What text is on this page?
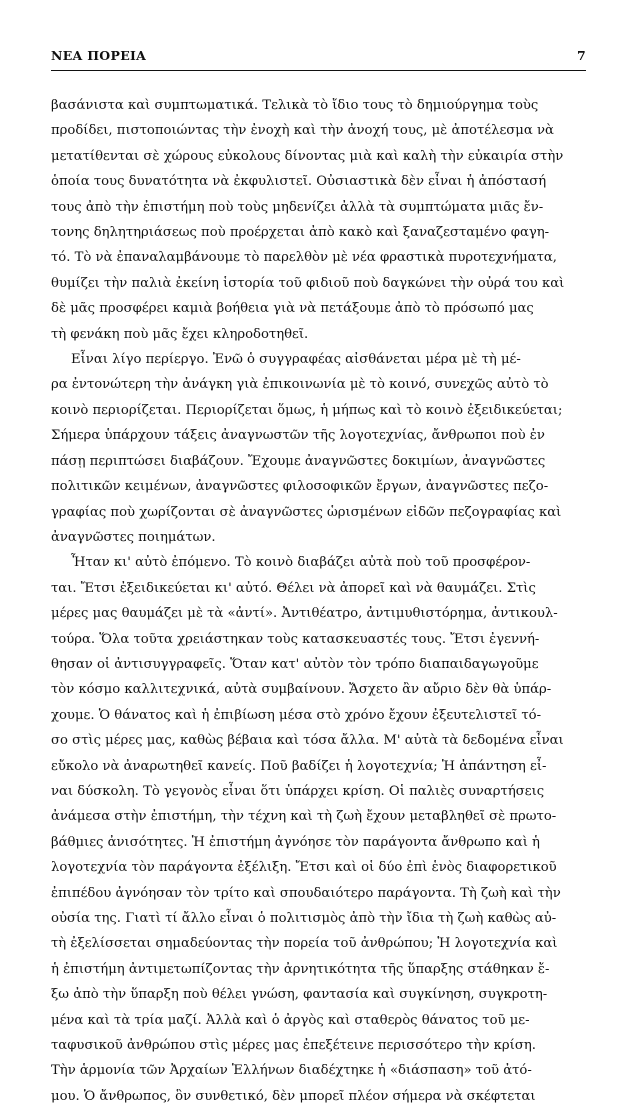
ΝΕΑ ΠΟΡΕΙΑ	7
βασάνιστα καὶ συμπτωματικά. Τελικὰ τὸ ἴδιο τους τὸ δημιούργημα τοὺς
προδίδει, πιστοποιώντας τὴν ἐνοχὴ καὶ τὴν ἀνοχή τους, μὲ ἀποτέλεσμα νὰ
μετατίθενται σὲ χώρους εὐκολους δίνοντας μιὰ καὶ καλὴ τὴν εὐκαιρία στὴν
ὁποία τους δυνατότητα νὰ ἐκφυλιστεῖ. Οὐσιαστικὰ δὲν εἶναι ἡ ἀπόστασή
τους ἀπὸ τὴν ἐπιστήμη ποὺ τοὺς μηδενίζει ἀλλὰ τὰ συμπτώματα μιᾶς ἔν-
τονης δηλητηριάσεως ποὺ προέρχεται ἀπὸ κακὸ καὶ ξαναζεσταμένο φαγη-
τό. Τὸ νὰ ἐπαναλαμβάνουμε τὸ παρελθὸν μὲ νέα φραστικὰ πυροτεχνήματα,
θυμίζει τὴν παλιὰ ἐκείνη ἱστορία τοῦ φιδιοῦ ποὺ δαγκώνει τὴν οὐρά του καὶ
δὲ μᾶς προσφέρει καμιὰ βοήθεια γιὰ νὰ πετάξουμε ἀπὸ τὸ πρόσωπό μας
τὴ φενάκη ποὺ μᾶς ἔχει κληροδοτηθεῖ.
Εἶναι λίγο περίεργο. Ἐνῶ ὁ συγγραφέας αἰσθάνεται μέρα μὲ τὴ μέ-
ρα ἐντονώτερη τὴν ἀνάγκη γιὰ ἐπικοινωνία μὲ τὸ κοινό, συνεχῶς αὐτὸ τὸ
κοινὸ περιορίζεται. Περιορίζεται ὅμως, ἡ μήπως καὶ τὸ κοινὸ ἐξειδικεύεται;
Σήμερα ὑπάρχουν τάξεις ἀναγνωστῶν τῆς λογοτεχνίας, ἄνθρωποι ποὺ ἐν
πάσῃ περιπτώσει διαβάζουν. Ἔχουμε ἀναγνῶστες δοκιμίων, ἀναγνῶστες
πολιτικῶν κειμένων, ἀναγνῶστες φιλοσοφικῶν ἔργων, ἀναγνῶστες πεζο-
γραφίας ποὺ χωρίζονται σὲ ἀναγνῶστες ὡρισμένων εἰδῶν πεζογραφίας καὶ
ἀναγνῶστες ποιημάτων.
Ἦταν κι' αὐτὸ ἐπόμενο. Τὸ κοινὸ διαβάζει αὐτὰ ποὺ τοῦ προσφέρον-
ται. Ἔτσι ἐξειδικεύεται κι' αὐτό. Θέλει νὰ ἀπορεῖ καὶ νὰ θαυμάζει. Στὶς
μέρες μας θαυμάζει μὲ τὰ «ἀντί». Ἀντιθέατρο, ἀντιμυθιστόρημα, ἀντικουλ-
τούρα. Ὅλα τοῦτα χρειάστηκαν τοὺς κατασκευαστές τους. Ἔτσι ἐγεννή-
θησαν οἱ ἀντισυγγραφεῖς. Ὅταν κατ' αὐτὸν τὸν τρόπο διαπαιδαγωγοῦμε
τὸν κόσμο καλλιτεχνικά, αὐτὰ συμβαίνουν. Ἄσχετο ἂν αὔριο δὲν θὰ ὑπάρ-
χουμε. Ὁ θάνατος καὶ ἡ ἐπιβίωση μέσα στὸ χρόνο ἔχουν ἐξευτελιστεῖ τό-
σο στὶς μέρες μας, καθὼς βέβαια καὶ τόσα ἄλλα. Μ' αὐτὰ τὰ δεδομένα εἶναι
εὔκολο νὰ ἀναρωτηθεῖ κανείς. Ποῦ βαδίζει ἡ λογοτεχνία; Ἡ ἀπάντηση εἶ-
ναι δύσκολη. Τὸ γεγονὸς εἶναι ὅτι ὑπάρχει κρίση. Οἱ παλιὲς συναρτήσεις
ἀνάμεσα στὴν ἐπιστήμη, τὴν τέχνη καὶ τὴ ζωὴ ἔχουν μεταβληθεῖ σὲ πρωτο-
βάθμιες ἀνισότητες. Ἡ ἐπιστήμη ἀγνόησε τὸν παράγοντα ἄνθρωπο καὶ ἡ
λογοτεχνία τὸν παράγοντα ἐξέλιξη. Ἔτσι καὶ οἱ δύο ἐπὶ ἑνὸς διαφορετικοῦ
ἐπιπέδου ἀγνόησαν τὸν τρίτο καὶ σπουδαιότερο παράγοντα. Τὴ ζωὴ καὶ τὴν
οὐσία της. Γιατὶ τί ἄλλο εἶναι ὁ πολιτισμὸς ἀπὸ τὴν ἴδια τὴ ζωὴ καθὼς αὐ-
τὴ ἐξελίσσεται σημαδεύοντας τὴν πορεία τοῦ ἀνθρώπου; Ἡ λογοτεχνία καὶ
ἡ ἐπιστήμη ἀντιμετωπίζοντας τὴν ἀρνητικότητα τῆς ὕπαρξης στάθηκαν ἔ-
ξω ἀπὸ τὴν ὕπαρξη ποὺ θέλει γνώση, φαντασία καὶ συγκίνηση, συγκροτη-
μένα καὶ τὰ τρία μαζί. Ἀλλὰ καὶ ὁ ἀργὸς καὶ σταθερὸς θάνατος τοῦ με-
ταφυσικοῦ ἀνθρώπου στὶς μέρες μας ἐπεξέτεινε περισσότερο τὴν κρίση.
Τὴν ἁρμονία τῶν Ἀρχαίων Ἑλλήνων διαδέχτηκε ἡ «διάσπαση» τοῦ ἀτό-
μου. Ὁ ἄνθρωπος, ὃν συνθετικό, δὲν μπορεῖ πλέον σήμερα νὰ σκέφτεται
